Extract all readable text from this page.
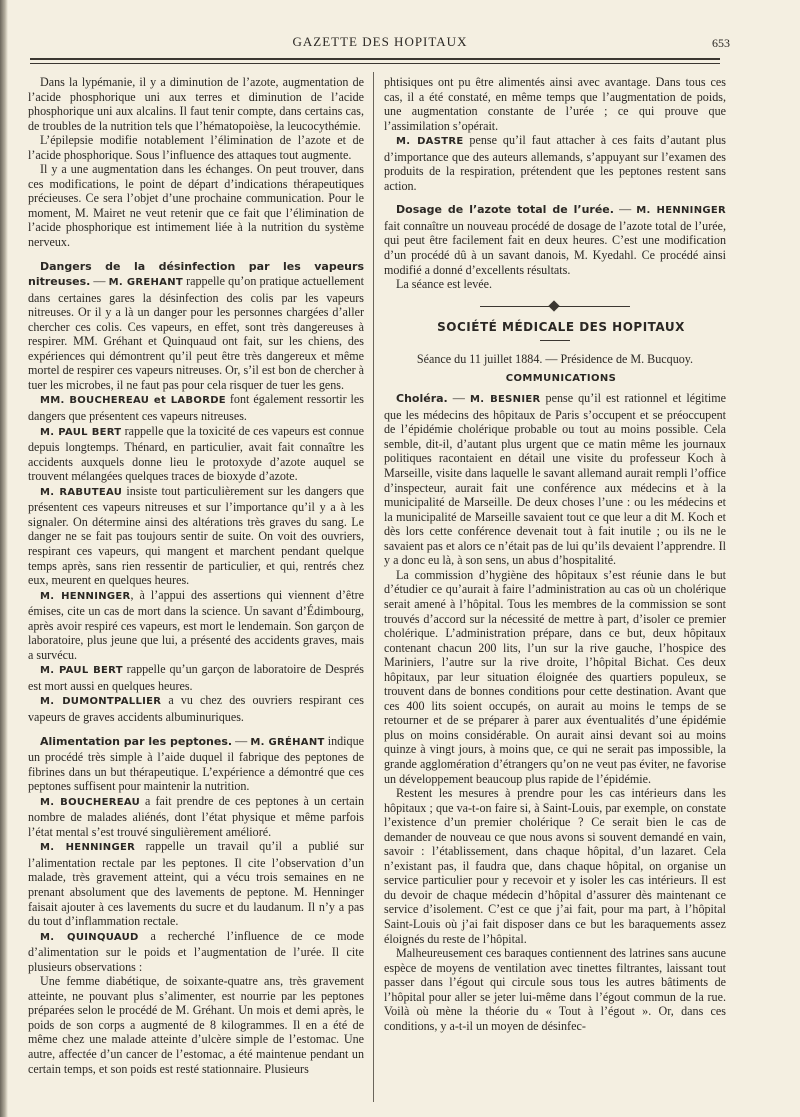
GAZETTE DES HOPITAUX	653

Dans la lypémanie, il y a diminution de l’azote, augmentation de l’acide phosphorique uni aux terres et diminution de l’acide phosphorique uni aux alcalins. Il faut tenir compte, dans certains cas, de troubles de la nutrition tels que l’hématopoièse, la leucocythémie.

L’épilepsie modifie notablement l’élimination de l’azote et de l’acide phosphorique. Sous l’influence des attaques tout augmente.

Il y a une augmentation dans les échanges. On peut trouver, dans ces modifications, le point de départ d’indications thérapeutiques précieuses. Ce sera l’objet d’une prochaine communication. Pour le moment, M. Mairet ne veut retenir que ce fait que l’élimination de l’acide phosphorique est intimement liée à la nutrition du système nerveux.

Dangers de la désinfection par les vapeurs nitreuses. — M. GREHANT rappelle qu’on pratique actuellement dans certaines gares la désinfection des colis par les vapeurs nitreuses. Or il y a là un danger pour les personnes chargées d’aller chercher ces colis. Ces vapeurs, en effet, sont très dangereuses à respirer. MM. Gréhant et Quinquaud ont fait, sur les chiens, des expériences qui démontrent qu’il peut être très dangereux et même mortel de respirer ces vapeurs nitreuses. Or, s’il est bon de chercher à tuer les microbes, il ne faut pas pour cela risquer de tuer les gens.

MM. BOUCHEREAU et LABORDE font également ressortir les dangers que présentent ces vapeurs nitreuses.

M. PAUL BERT rappelle que la toxicité de ces vapeurs est connue depuis longtemps. Thénard, en particulier, avait fait connaître les accidents auxquels donne lieu le protoxyde d’azote auquel se trouvent mélangées quelques traces de bioxyde d’azote.

M. RABUTEAU insiste tout particulièrement sur les dangers que présentent ces vapeurs nitreuses et sur l’importance qu’il y a à les signaler. On détermine ainsi des altérations très graves du sang. Le danger ne se fait pas toujours sentir de suite. On voit des ouvriers, respirant ces vapeurs, qui mangent et marchent pendant quelque temps après, sans rien ressentir de particulier, et qui, rentrés chez eux, meurent en quelques heures.

M. HENNINGER, à l’appui des assertions qui viennent d’être émises, cite un cas de mort dans la science. Un savant d’Édimbourg, après avoir respiré ces vapeurs, est mort le lendemain. Son garçon de laboratoire, plus jeune que lui, a présenté des accidents graves, mais a survécu.

M. PAUL BERT rappelle qu’un garçon de laboratoire de Després est mort aussi en quelques heures.

M. DUMONTPALLIER a vu chez des ouvriers respirant ces vapeurs de graves accidents albuminuriques.

Alimentation par les peptones. — M. GRÉHANT indique un procédé très simple à l’aide duquel il fabrique des peptones de fibrines dans un but thérapeutique. L’expérience a démontré que ces peptones suffisent pour maintenir la nutrition.

M. BOUCHEREAU a fait prendre de ces peptones à un certain nombre de malades aliénés, dont l’état physique et même parfois l’état mental s’est trouvé singulièrement amélioré.

M. HENNINGER rappelle un travail qu’il a publié sur l’alimentation rectale par les peptones. Il cite l’observation d’un malade, très gravement atteint, qui a vécu trois semaines en ne prenant absolument que des lavements de peptone. M. Henninger faisait ajouter à ces lavements du sucre et du laudanum. Il n’y a pas du tout d’inflammation rectale.

M. QUINQUAUD a recherché l’influence de ce mode d’alimentation sur le poids et l’augmentation de l’urée. Il cite plusieurs observations :

Une femme diabétique, de soixante-quatre ans, très gravement atteinte, ne pouvant plus s’alimenter, est nourrie par les peptones préparées selon le procédé de M. Gréhant. Un mois et demi après, le poids de son corps a augmenté de 8 kilogrammes. Il en a été de même chez une malade atteinte d’ulcère simple de l’estomac. Une autre, affectée d’un cancer de l’estomac, a été maintenue pendant un certain temps, et son poids est resté stationnaire. Plusieurs

phtisiques ont pu être alimentés ainsi avec avantage. Dans tous ces cas, il a été constaté, en même temps que l’augmentation de poids, une augmentation constante de l’urée ; ce qui prouve que l’assimilation s’opérait.

M. DASTRE pense qu’il faut attacher à ces faits d’autant plus d’importance que des auteurs allemands, s’appuyant sur l’examen des produits de la respiration, prétendent que les peptones restent sans action.

Dosage de l’azote total de l’urée. — M. HENNINGER fait connaître un nouveau procédé de dosage de l’azote total de l’urée, qui peut être facilement fait en deux heures. C’est une modification d’un procédé dû à un savant danois, M. Kyedahl. Ce procédé ainsi modifié a donné d’excellents résultats.

La séance est levée.

SOCIÉTÉ MÉDICALE DES HOPITAUX

Séance du 11 juillet 1884. — Présidence de M. Bucquoy.

COMMUNICATIONS

Choléra. — M. BESNIER pense qu’il est rationnel et légitime que les médecins des hôpitaux de Paris s’occupent et se préoccupent de l’épidémie cholérique probable ou tout au moins possible. Cela semble, dit-il, d’autant plus urgent que ce matin même les journaux politiques racontaient en détail une visite du professeur Koch à Marseille, visite dans laquelle le savant allemand aurait rempli l’office d’inspecteur, aurait fait une conférence aux médecins et à la municipalité de Marseille. De deux choses l’une : ou les médecins et la municipalité de Marseille savaient tout ce que leur a dit M. Koch et dès lors cette conférence devenait tout à fait inutile ; ou ils ne le savaient pas et alors ce n’était pas de lui qu’ils devaient l’apprendre. Il y a donc eu là, à son sens, un abus d’hospitalité.

La commission d’hygiène des hôpitaux s’est réunie dans le but d’étudier ce qu’aurait à faire l’administration au cas où un cholérique serait amené à l’hôpital. Tous les membres de la commission se sont trouvés d’accord sur la nécessité de mettre à part, d’isoler ce premier cholérique. L’administration prépare, dans ce but, deux hôpitaux contenant chacun 200 lits, l’un sur la rive gauche, l’hospice des Mariniers, l’autre sur la rive droite, l’hôpital Bichat. Ces deux hôpitaux, par leur situation éloignée des quartiers populeux, se trouvent dans de bonnes conditions pour cette destination. Avant que ces 400 lits soient occupés, on aurait au moins le temps de se retourner et de se préparer à parer aux éventualités d’une épidémie plus on moins considérable. On aurait ainsi devant soi au moins quinze à vingt jours, à moins que, ce qui ne serait pas impossible, la grande agglomération d’étrangers qu’on ne veut pas éviter, ne favorise un développement beaucoup plus rapide de l’épidémie.

Restent les mesures à prendre pour les cas intérieurs dans les hôpitaux ; que va-t-on faire si, à Saint-Louis, par exemple, on constate l’existence d’un premier cholérique ? Ce serait bien le cas de demander de nouveau ce que nous avons si souvent demandé en vain, savoir : l’établissement, dans chaque hôpital, d’un lazaret. Cela n’existant pas, il faudra que, dans chaque hôpital, on organise un service particulier pour y recevoir et y isoler les cas intérieurs. Il est du devoir de chaque médecin d’hôpital d’assurer dès maintenant ce service d’isolement. C’est ce que j’ai fait, pour ma part, à l’hôpital Saint-Louis où j’ai fait disposer dans ce but les baraquements assez éloignés du reste de l’hôpital.

Malheureusement ces baraques contiennent des latrines sans aucune espèce de moyens de ventilation avec tinettes filtrantes, laissant tout passer dans l’égout qui circule sous tous les autres bâtiments de l’hôpital pour aller se jeter lui-même dans l’égout commun de la rue. Voilà où mène la théorie du « Tout à l’égout ». Or, dans ces conditions, y a-t-il un moyen de désinfec-
